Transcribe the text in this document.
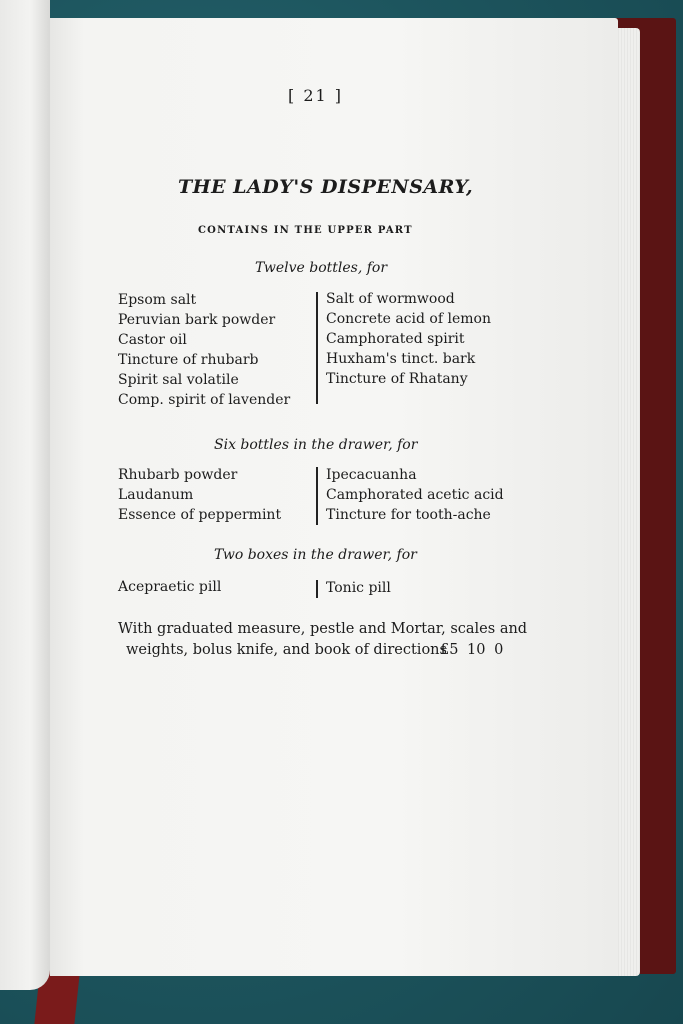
[ 21 ]
THE LADY'S DISPENSARY,
CONTAINS IN THE UPPER PART
Twelve bottles, for
Epsom salt
Peruvian bark powder
Castor oil
Tincture of rhubarb
Spirit sal volatile
Comp. spirit of lavender
Salt of wormwood
Concrete acid of lemon
Camphorated spirit
Huxham's tinct. bark
Tincture of Rhatany
Six bottles in the drawer, for
Rhubarb powder
Laudanum
Essence of peppermint
Ipecacuanha
Camphorated acetic acid
Tincture for tooth-ache
Two boxes in the drawer, for
Acepraetic pill	Tonic pill
With graduated measure, pestle and Mortar, scales and
weights, bolus knife, and book of directions
£5 10 0
